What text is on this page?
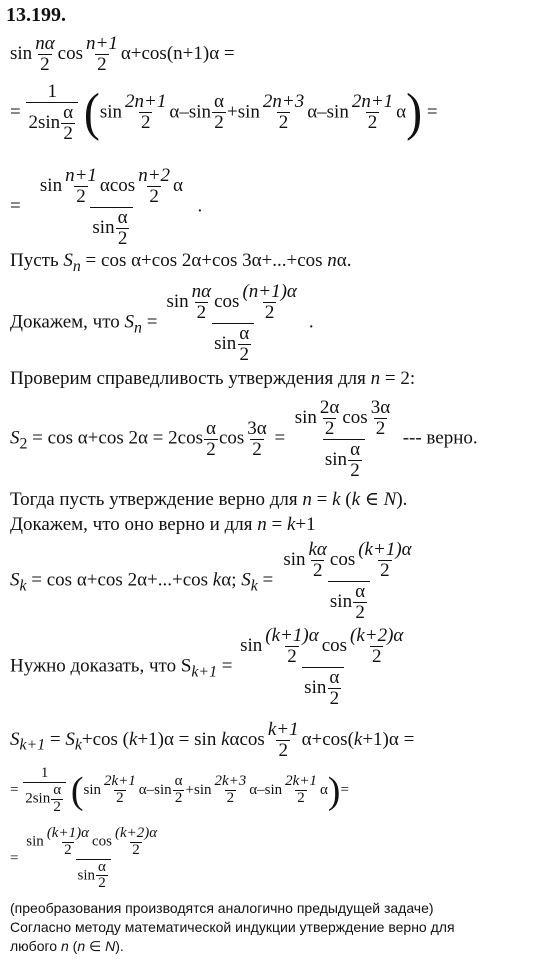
13.199.
$\sin \frac{n\alpha}{2}$ $\cos \frac{n+1}{2} \alpha+\cos(n+1)\alpha$ =
= $\frac{1}{2\sin \frac{\alpha}{2}} (\sin \frac{2n+1}{2} \alpha-\sin \frac{\alpha}{2} +\sin \frac{2n+3}{2} \alpha-\sin \frac{2n+1}{2} \alpha)$ =
= $\frac{\sin \frac{n+1}{2} \alpha\cos \frac{n+2}{2} \alpha}{\sin \frac{\alpha}{2}}$ .
Пусть $S_n = \cos \alpha+\cos$ 2α+cos 3α+...+cos nα.
Докажем, что $S_n = \frac{\sin \frac{n\alpha}{2} \cos \frac{(n+1)\alpha}{2}}{\sin \frac{\alpha}{2}}$ .
Проверим справедливость утверждения для n = 2:
$S_2 = \cos \alpha+\cos$ $2\alpha = 2\cos \frac{\alpha}{2}$ $\cos \frac{3\alpha}{2} = \frac{\sin \frac{2\alpha}{2} \cos \frac{3\alpha}{2}}{\sin \frac{\alpha}{2}}$ --- верно.
Тогда пусть утверждение верно для n = k (k ∈ N).
Докажем, что оно верно и для n = k+1
$S_k = \cos \alpha+\cos$ 2α+...+cos kα; $S_k = \frac{\sin \frac{k\alpha}{2} \cos \frac{(k+1)\alpha}{2}}{\sin \frac{\alpha}{2}}$
Нужно доказать, что $S_{k+1} = \frac{\sin \frac{(k+1)\alpha}{2} \cos \frac{(k+2)\alpha}{2}}{\sin \frac{\alpha}{2}}$
$S_{k+1} = S_k+\cos$ (k+1)α = sin kαcos $\frac{k+1}{2} \alpha+\cos(k+1)\alpha$ =
= $\frac{1}{2\sin \frac{\alpha}{2}} (\sin \frac{2k+1}{2} \alpha-\sin \frac{\alpha}{2} +\sin \frac{2k+3}{2} \alpha-\sin \frac{2k+1}{2} \alpha)=$
= $\frac{\sin \frac{(k+1)\alpha}{2} \cos \frac{(k+2)\alpha}{2}}{\sin \frac{\alpha}{2}}$
(преобразования производятся аналогично предыдущей задаче)
Согласно методу математической индукции утверждение верно для
любого n (n ∈ N).
